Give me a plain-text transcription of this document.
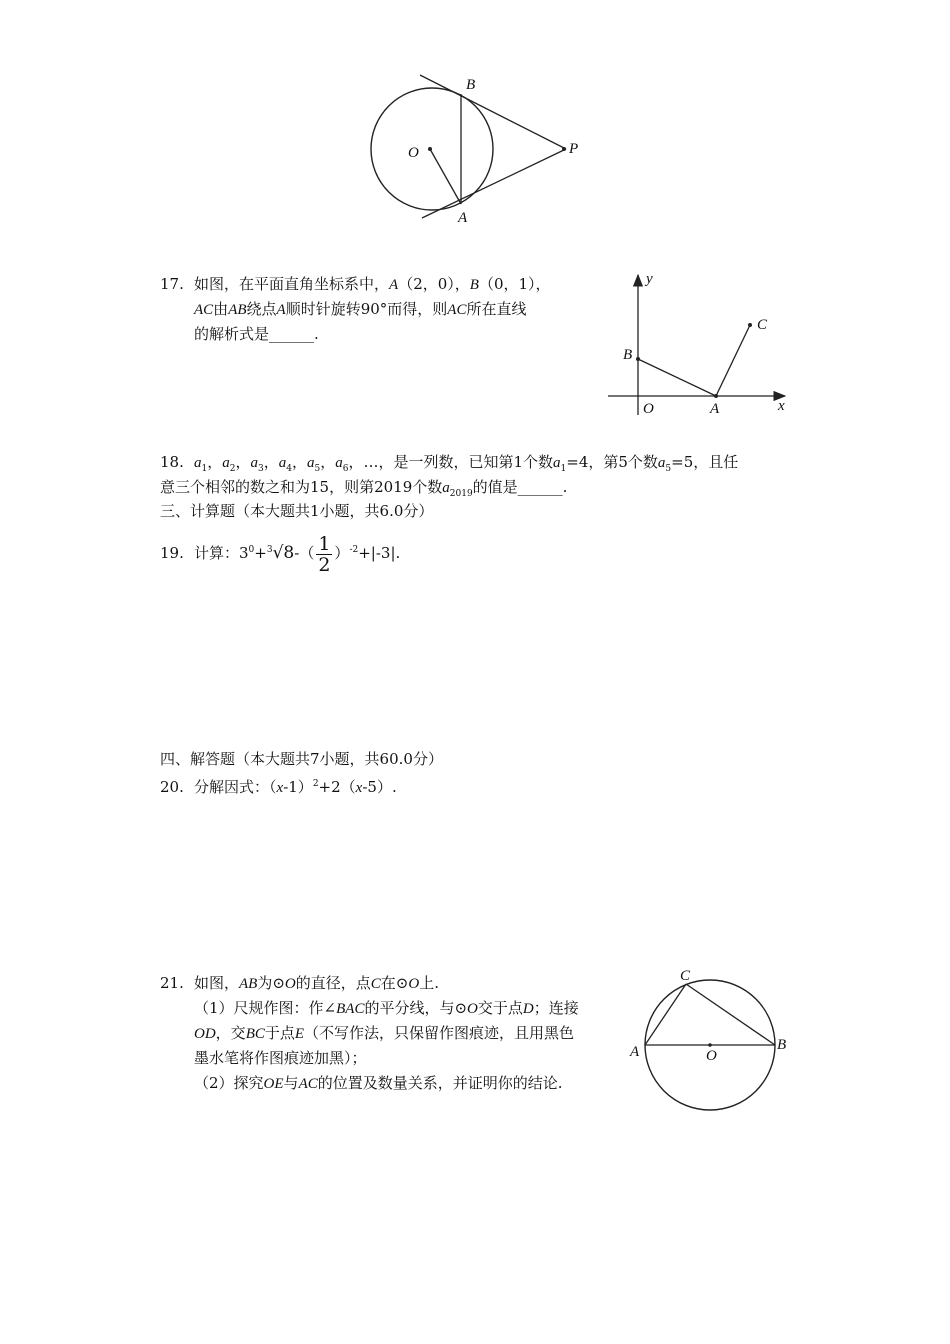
B
O	P
A
17. 如图，在平面直角坐标系中，A（2，0），B（0，1），
AC由AB绕点A顺时针旋转90°而得，则AC所在直线
的解析式是______.
y
x
B
O	A
C
18. $a_1$，$a_2$，$a_3$，$a_4$，$a_5$，$a_6$，…，是一列数，已知第1个数$a_1=4$，第5个数$a_5=5$，且任
意三个相邻的数之和为15，则第2019个数$a_{2019}$的值是______.
三、计算题（本大题共1小题，共6.0分）
19. 计算：$3^0+^3√8-( \frac{1}{2} )^{-2}+|-3|$.
四、解答题（本大题共7小题，共60.0分）
20. 分解因式：$(x-1)^2+2(x-5)$.
21. 如图，AB为⊙O的直径，点C在⊙O上.
（1）尺规作图：作∠BAC的平分线，与⊙O交于点D；连接
OD，交BC于点E（不写作法，只保留作图痕迹，且用黑色
墨水笔将作图痕迹加黑）；
（2）探究OE与AC的位置及数量关系，并证明你的结论.
C
A	O
B
